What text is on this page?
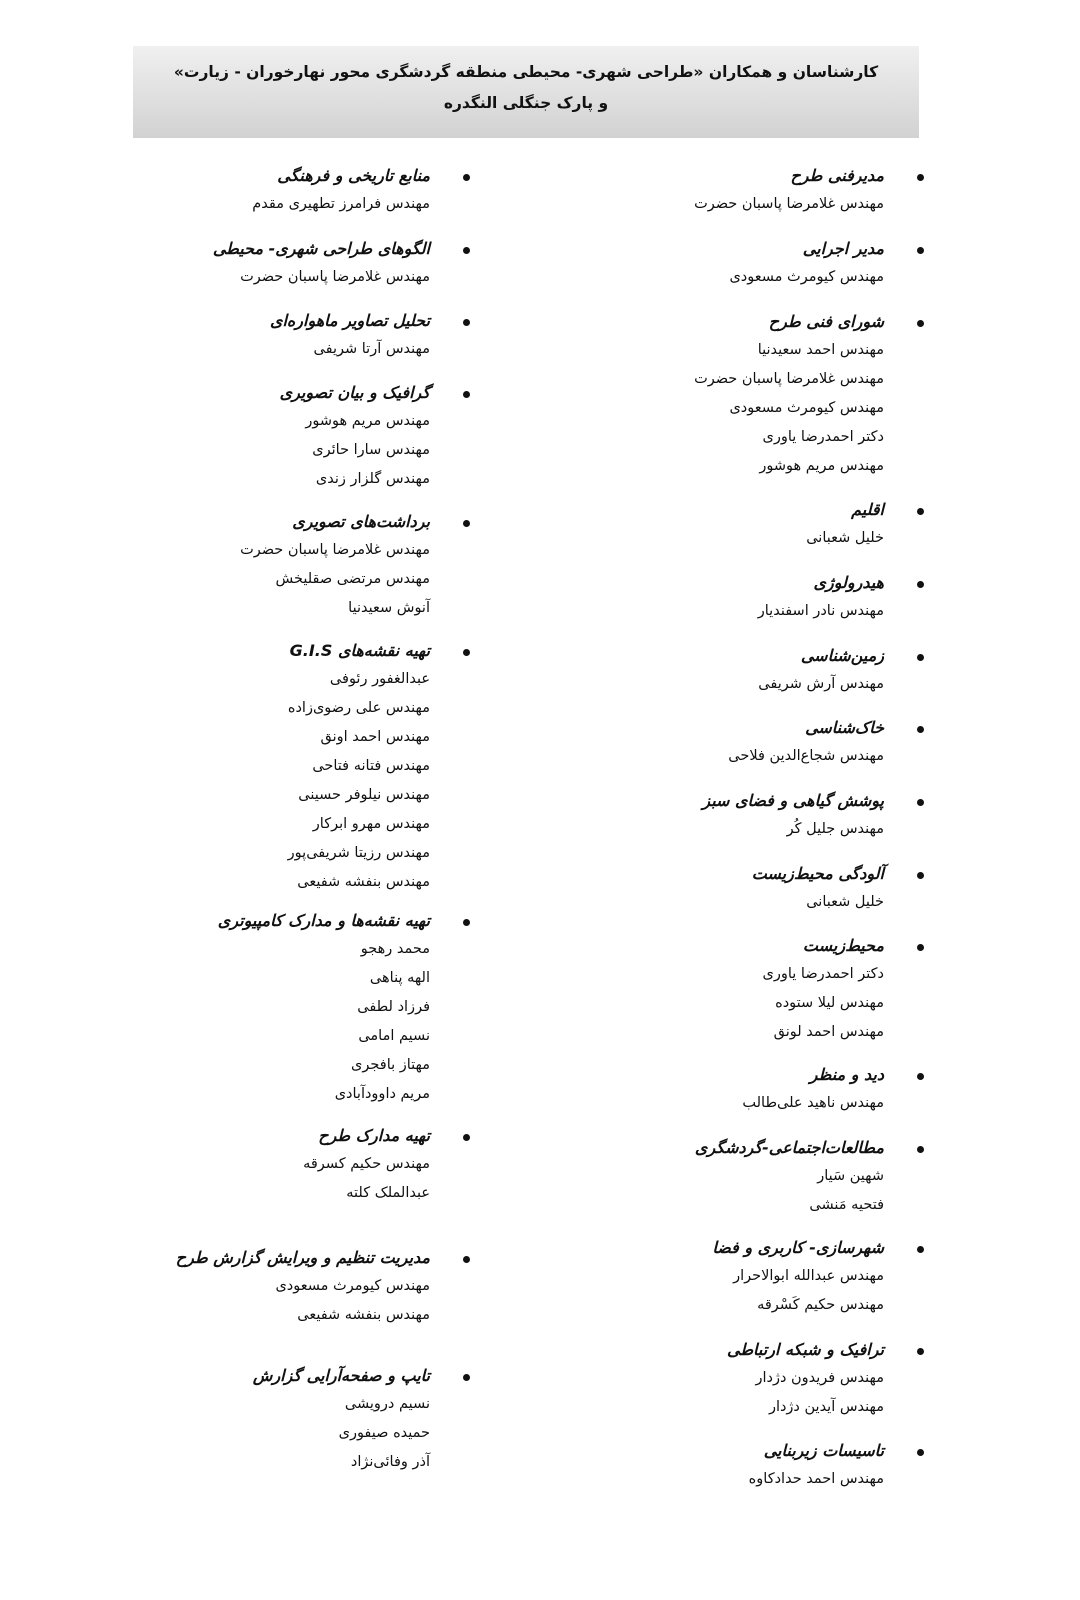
کارشناسان و همکاران «طراحی شهری- محیطی منطقه گردشگری محور نهارخوران - زیارت»
و پارک جنگلی النگدره
مدیرفنی طرح
مهندس غلامرضا پاسبان حضرت
مدیر اجرایی
مهندس کیومرث مسعودی
شورای فنی طرح
مهندس احمد سعیدنیا
مهندس غلامرضا پاسبان حضرت
مهندس کیومرث مسعودی
دکتر احمدرضا یاوری
مهندس مریم هوشور
اقلیم
خلیل شعبانی
هیدرولوژی
مهندس نادر اسفندیار
زمین‌شناسی
مهندس آرش شریفی
خاک‌شناسی
مهندس شجاع‌الدین فلاحی
پوشش گیاهی و فضای سبز
مهندس جلیل کُر
آلودگی محیط‌زیست
خلیل شعبانی
محیط‌زیست
دکتر احمدرضا یاوری
مهندس لیلا ستوده
مهندس احمد لونق
دید و منظر
مهندس ناهید علی‌طالب
مطالعات‌اجتماعی-گردشگری
شهین سَیار
فتحیه مَنشی
شهرسازی- کاربری و فضا
مهندس عبدالله ابوالاحرار
مهندس حکیم کَسْرقه
ترافیک و شبکه ارتباطی
مهندس فریدون دژدار
مهندس آیدین دژدار
تاسیسات زیربنایی
مهندس احمد حدادکاوه
منابع تاریخی و فرهنگی
مهندس فرامرز تطهیری مقدم
الگوهای طراحی شهری- محیطی
مهندس غلامرضا پاسبان حضرت
تحلیل تصاویر ماهواره‌ای
مهندس آرتا شریفی
گرافیک و بیان تصویری
مهندس مریم هوشور
مهندس سارا حائری
مهندس گلزار زندی
برداشت‌های تصویری
مهندس غلامرضا پاسبان حضرت
مهندس مرتضی صقلیخش
آنوش سعیدنیا
تهیه نقشه‌های G.I.S
عبدالغفور رئوفی
مهندس علی رضوی‌زاده
مهندس احمد اونق
مهندس فتانه فتاحی
مهندس نیلوفر حسینی
مهندس مهرو ابرکار
مهندس رزیتا شریفی‌پور
مهندس بنفشه شفیعی
تهیه نقشه‌ها و مدارک کامپیوتری
محمد رهجو
الهه پناهی
فرزاد لطفی
نسیم امامی
مهتاز بافجری
مریم داوودآبادی
تهیه مدارک طرح
مهندس حکیم کسرقه
عبدالملک کلته
مدیریت تنظیم و ویرایش گزارش طرح
مهندس کیومرث مسعودی
مهندس بنفشه شفیعی
تایپ و صفحه‌آرایی گزارش
نسیم درویشی
حمیده صیفوری
آذر وفائی‌نژاد
